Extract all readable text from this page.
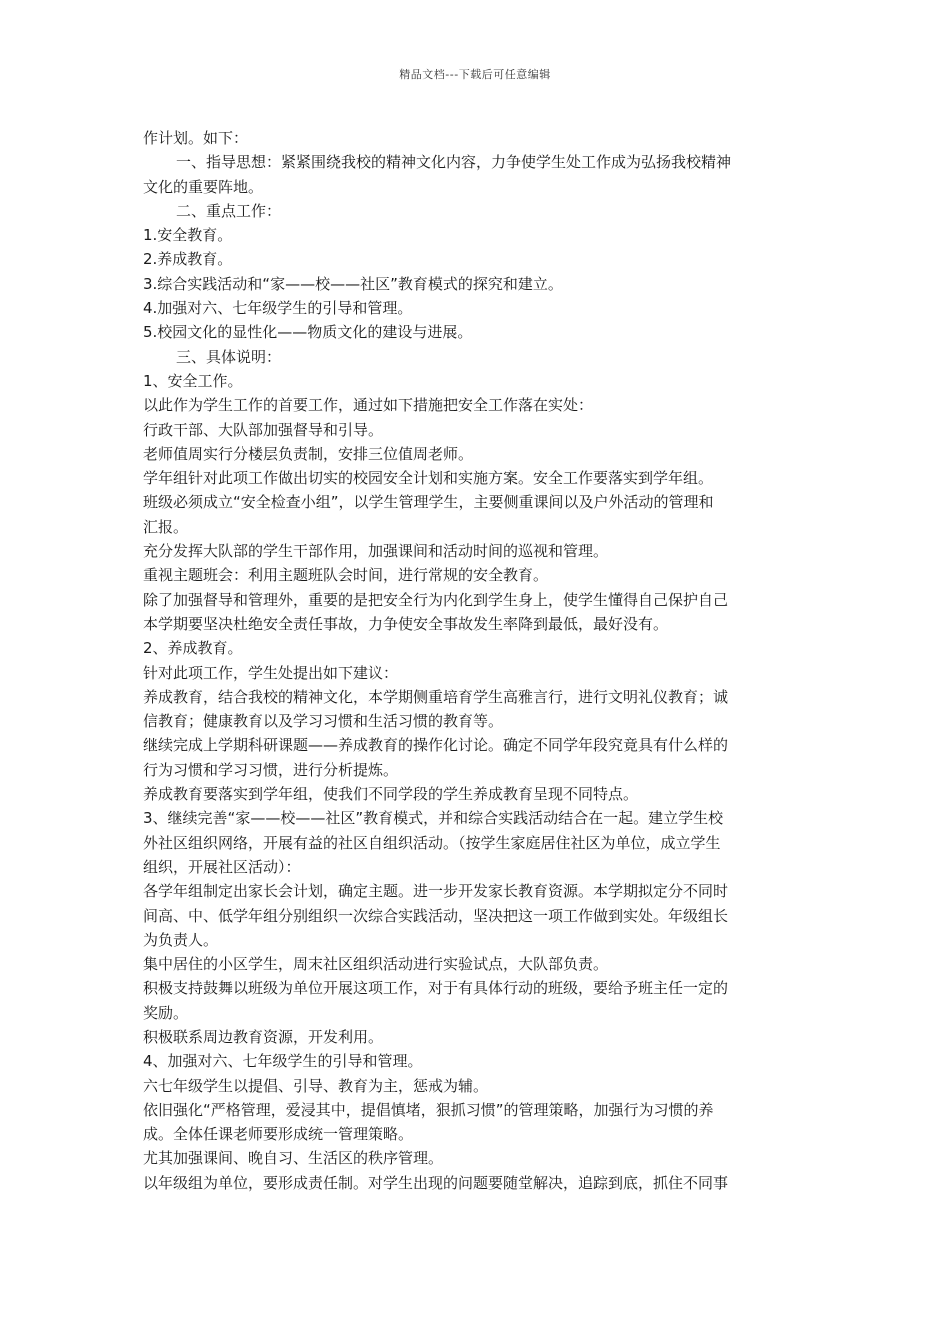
精品文档---下载后可任意编辑
作计划。如下：
一、指导思想：紧紧围绕我校的精神文化内容，力争使学生处工作成为弘扬我校精神
文化的重要阵地。
二、重点工作：
1.安全教育。
2.养成教育。
3.综合实践活动和“家——校——社区”教育模式的探究和建立。
4.加强对六、七年级学生的引导和管理。
5.校园文化的显性化——物质文化的建设与进展。
三、具体说明：
1、安全工作。
以此作为学生工作的首要工作，通过如下措施把安全工作落在实处：
行政干部、大队部加强督导和引导。
老师值周实行分楼层负责制，安排三位值周老师。
学年组针对此项工作做出切实的校园安全计划和实施方案。安全工作要落实到学年组。
班级必须成立“安全检查小组”，以学生管理学生，主要侧重课间以及户外活动的管理和
汇报。
充分发挥大队部的学生干部作用，加强课间和活动时间的巡视和管理。
重视主题班会：利用主题班队会时间，进行常规的安全教育。
除了加强督导和管理外，重要的是把安全行为内化到学生身上，使学生懂得自己保护自己
本学期要坚决杜绝安全责任事故，力争使安全事故发生率降到最低，最好没有。
2、养成教育。
针对此项工作，学生处提出如下建议：
养成教育，结合我校的精神文化，本学期侧重培育学生高雅言行，进行文明礼仪教育；诚
信教育；健康教育以及学习习惯和生活习惯的教育等。
继续完成上学期科研课题——养成教育的操作化讨论。确定不同学年段究竟具有什么样的
行为习惯和学习习惯，进行分析提炼。
养成教育要落实到学年组，使我们不同学段的学生养成教育呈现不同特点。
3、继续完善“家——校——社区”教育模式，并和综合实践活动结合在一起。建立学生校
外社区组织网络，开展有益的社区自组织活动。（按学生家庭居住社区为单位，成立学生
组织，开展社区活动）：
各学年组制定出家长会计划，确定主题。进一步开发家长教育资源。本学期拟定分不同时
间高、中、低学年组分别组织一次综合实践活动，坚决把这一项工作做到实处。年级组长
为负责人。
集中居住的小区学生，周末社区组织活动进行实验试点，大队部负责。
积极支持鼓舞以班级为单位开展这项工作，对于有具体行动的班级，要给予班主任一定的
奖励。
积极联系周边教育资源，开发利用。
4、加强对六、七年级学生的引导和管理。
六七年级学生以提倡、引导、教育为主，惩戒为辅。
依旧强化“严格管理，爱浸其中，提倡慎堵，狠抓习惯”的管理策略，加强行为习惯的养
成。全体任课老师要形成统一管理策略。
尤其加强课间、晚自习、生活区的秩序管理。
以年级组为单位，要形成责任制。对学生出现的问题要随堂解决，追踪到底，抓住不同事
